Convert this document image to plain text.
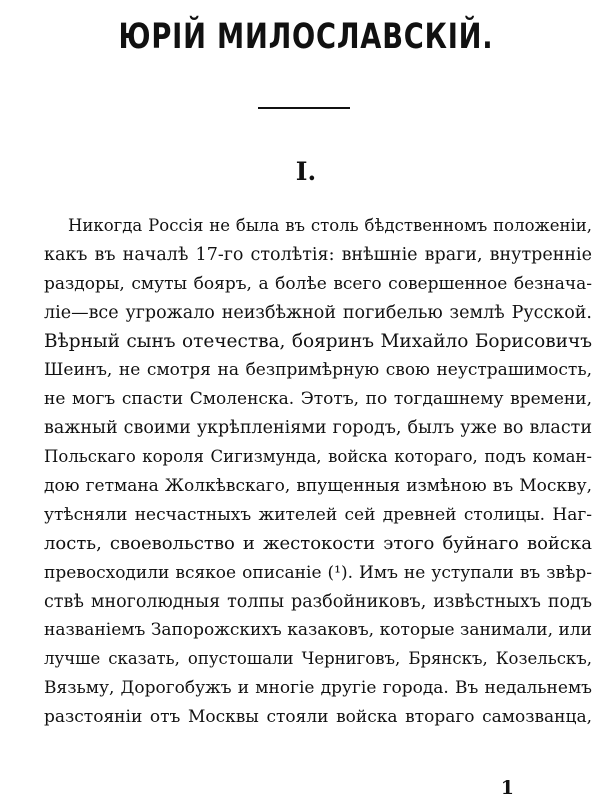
ЮРІЙ МИЛОСЛАВСКІЙ.
I.
Никогда Россія не была въ столь бѣдственномъ положеніи,
какъ въ началѣ 17-го столѣтія: внѣшніе враги, внутренніе
раздоры, смуты бояръ, а болѣе всего совершенное безнача-
ліе—все угрожало неизбѣжной погибелью землѣ Русской.
Вѣрный сынъ отечества, бояринъ Михайло Борисовичъ
Шеинъ, не смотря на безпримѣрную свою неустрашимость,
не могъ спасти Смоленска. Этотъ, по тогдашнему времени,
важный своими укрѣпленіями городъ, былъ уже во власти
Польскаго короля Сигизмунда, войска котораго, подъ коман-
дою гетмана Жолкѣвскаго, впущенныя измѣною въ Москву,
утѣсняли несчастныхъ жителей сей древней столицы. Наг-
лость, своевольство и жестокости этого буйнаго войска
превосходили всякое описаніе (¹). Имъ не уступали въ звѣр-
ствѣ многолюдныя толпы разбойниковъ, извѣстныхъ подъ
названіемъ Запорожскихъ казаковъ, которые занимали, или
лучше сказать, опустошали Черниговъ, Брянскъ, Козельскъ,
Вязьму, Дорогобужъ и многіе другіе города. Въ недальнемъ
разстояніи отъ Москвы стояли войска втораго самозванца,
1
